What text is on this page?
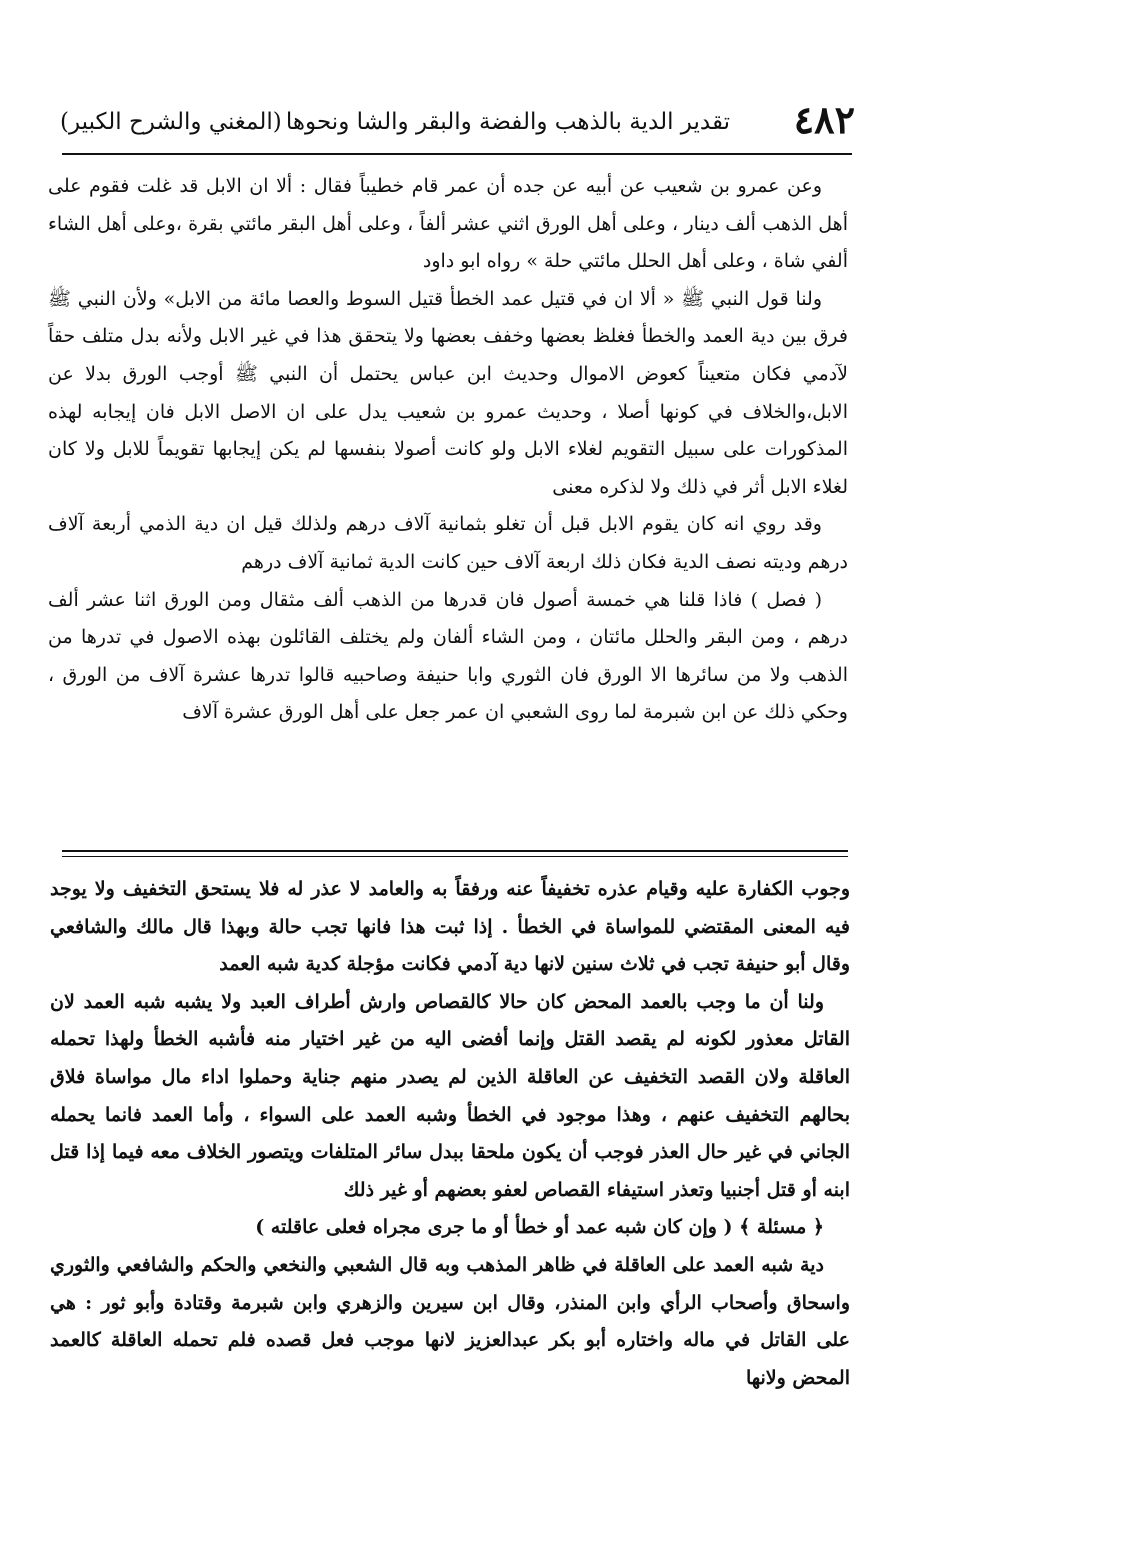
٤٨٢
تقدير الدية بالذهب والفضة والبقر والشا ونحوها
(المغني والشرح الكبير)

وعن عمرو بن شعيب عن أبيه عن جده أن عمر قام خطيباً فقال : ألا ان الابل قد غلت فقوم على أهل الذهب ألف دينار ، وعلى أهل الورق اثني عشر ألفاً ، وعلى أهل البقر مائتي بقرة ،وعلى أهل الشاء ألفي شاة ، وعلى أهل الحلل مائتي حلة » رواه ابو داود

ولنا قول النبي ﷺ « ألا ان في قتيل عمد الخطأ قتيل السوط والعصا مائة من الابل» ولأن النبي ﷺ فرق بين دية العمد والخطأ فغلظ بعضها وخفف بعضها ولا يتحقق هذا في غير الابل ولأنه بدل متلف حقاً لآدمي فكان متعيناً كعوض الاموال وحديث ابن عباس يحتمل أن النبي ﷺ أوجب الورق بدلا عن الابل،والخلاف في كونها أصلا ، وحديث عمرو بن شعيب يدل على ان الاصل الابل فان إيجابه لهذه المذكورات على سبيل التقويم لغلاء الابل ولو كانت أصولا بنفسها لم يكن إيجابها تقويماً للابل ولا كان لغلاء الابل أثر في ذلك ولا لذكره معنى

وقد روي انه كان يقوم الابل قبل أن تغلو بثمانية آلاف درهم ولذلك قيل ان دية الذمي أربعة آلاف درهم وديته نصف الدية فكان ذلك اربعة آلاف حين كانت الدية ثمانية آلاف درهم

( فصل ) فاذا قلنا هي خمسة أصول فان قدرها من الذهب ألف مثقال ومن الورق اثنا عشر ألف درهم ، ومن البقر والحلل مائتان ، ومن الشاء ألفان ولم يختلف القائلون بهذه الاصول في تدرها من الذهب ولا من سائرها الا الورق فان الثوري وابا حنيفة وصاحبيه قالوا تدرها عشرة آلاف من الورق ، وحكي ذلك عن ابن شبرمة لما روى الشعبي ان عمر جعل على أهل الورق عشرة آلاف

وجوب الكفارة عليه وقيام عذره تخفيفاً عنه ورفقاً به والعامد لا عذر له فلا يستحق التخفيف ولا يوجد فيه المعنى المقتضي للمواساة في الخطأ . إذا ثبت هذا فانها تجب حالة وبهذا قال مالك والشافعي وقال أبو حنيفة تجب في ثلاث سنين لانها دية آدمي فكانت مؤجلة كدية شبه العمد

ولنا أن ما وجب بالعمد المحض كان حالا كالقصاص وارش أطراف العبد ولا يشبه شبه العمد لان القاتل معذور لكونه لم يقصد القتل وإنما أفضى اليه من غير اختيار منه فأشبه الخطأ ولهذا تحمله العاقلة ولان القصد التخفيف عن العاقلة الذين لم يصدر منهم جناية وحملوا اداء مال مواساة فلاق بحالهم التخفيف عنهم ، وهذا موجود في الخطأ وشبه العمد على السواء ، وأما العمد فانما يحمله الجاني في غير حال العذر فوجب أن يكون ملحقا ببدل سائر المتلفات ويتصور الخلاف معه فيما إذا قتل ابنه أو قتل أجنبيا وتعذر استيفاء القصاص لعفو بعضهم أو غير ذلك

﴿ مسئلة ﴾ ( وإن كان شبه عمد أو خطأ أو ما جرى مجراه فعلى عاقلته )

دية شبه العمد على العاقلة في ظاهر المذهب وبه قال الشعبي والنخعي والحكم والشافعي والثوري واسحاق وأصحاب الرأي وابن المنذر، وقال ابن سيرين والزهري وابن شبرمة وقتادة وأبو ثور : هي على القاتل في ماله واختاره أبو بكر عبدالعزيز لانها موجب فعل قصده فلم تحمله العاقلة كالعمد المحض ولانها
